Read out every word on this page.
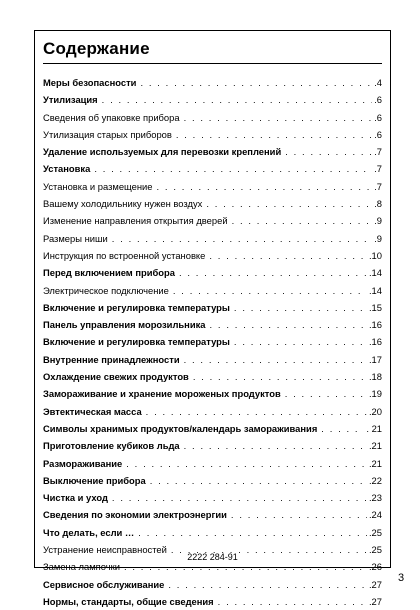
Содержание
Меры безопасности . . .	.4
Утилизация . . .	.6
Сведения об упаковке прибора . . .	.6
Утилизация старых приборов . . .	.6
Удаление используемых для перевозки креплений . . .	.7
Установка . . .	.7
Установка и размещение . . .	.7
Вашему холодильнику нужен воздух . . .	.8
Изменение направления открытия дверей . . .	.9
Размеры ниши . . .	.9
Инструкция по встроенной установке . . .	.10
Перед включением прибора . . .	.14
Электрическое подключение . . .	.14
Включение и регулировка температуры . . .	.15
Панель управления морозильника . . .	.16
Включение и регулировка температуры . . .	.16
Внутренние принадлежности . . .	.17
Охлаждение свежих продуктов . . .	.18
Замораживание и хранение мороженых продуктов . . .	.19
Эвтектическая масса . . .	.20
Символы хранимых продуктов/календарь замораживания . . .	. 21
Приготовление кубиков льда . . .	.21
Размораживание . . .	.21
Выключение прибора . . .	.22
Чистка и уход . . .	.23
Сведения по экономии электроэнергии . . .	.24
Что делать, если … . . .	.25
Устранение неисправностей . . .	.25
Замена лампочки . . .	.26
Сервисное обслуживание . . .	.27
Нормы, стандарты, общие сведения . . .	.27
2222 284-91
3
